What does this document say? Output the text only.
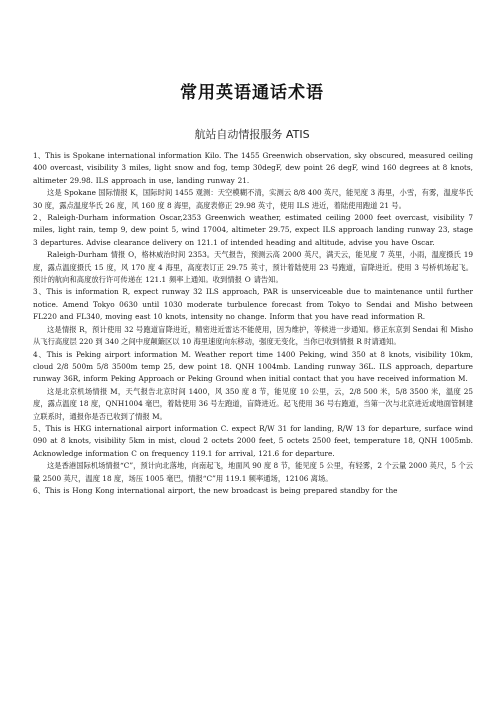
常用英语通话术语
航站自动情报服务 ATIS

1、This is Spokane international information Kilo. The 1455 Greenwich observation, sky obscured, measured ceiling 400 overcast, visibility 3 miles, light snow and fog, temp 30degF, dew point 26 degF, wind 160 degrees at 8 knots, altimeter 29.98. ILS approach in use, landing runway 21.

这是 Spokane 国际情报 K，国际时间 1455 观测：天空模糊不清，实测云 8/8 400 英尺，能见度 3 海里，小雪，有雾，温度华氏 30 度，露点温度华氏 26 度，风 160 度 8 海里，高度表修正 29.98 英寸，使用 ILS 进近，着陆使用跑道 21 号。

2、Raleigh-Durham information Oscar,2353 Greenwich weather, estimated ceiling 2000 feet overcast, visibility 7 miles, light rain, temp 9, dew point 5, wind 17004, altimeter 29.75, expect ILS approach landing runway 23, stage 3 departures. Advise clearance delivery on 121.1 of intended heading and altitude, advise you have Oscar.

Raleigh-Durham 情报 O，格林威治时间 2353。天气报告，预测云高 2000 英尺，满天云，能见度 7 英里，小雨，温度摄氏 19 度，露点温度摄氏 15 度，风 170 度 4 海里，高度表订正 29.75 英寸，预计着陆使用 23 号跑道，盲降进近。使用 3 号桥机场起飞。预计的航向和高度放行许可传递在 121.1 频率上通知。收到情报 O 请告知。

3、This is information R, expect runway 32 ILS approach, PAR is unserviceable due to maintenance until further notice. Amend Tokyo 0630 until 1030 moderate turbulence forecast from Tokyo to Sendai and Misho between FL220 and FL340, moving east 10 knots, intensity no change. Inform that you have read information R.

这是情报 R，预计使用 32 号跑道盲降进近，精密进近雷达不能使用，因为维护，等候进一步通知。修正东京到 Sendai 和 Misho 从飞行高度层 220 到 340 之间中度颠簸区以 10 海里速度向东移动，强度无变化，当你已收到情报 R 时请通知。

4、This is Peking airport information M. Weather report time 1400 Peking, wind 350 at 8 knots, visibility 10km, cloud 2/8 500m 5/8 3500m temp 25, dew point 18. QNH 1004mb. Landing runway 36L. ILS approach, departure runway 36R, inform Peking Approach or Peking Ground when initial contact that you have received information M.

这是北京机场情报 M，天气报告北京时间 1400，风 350 度 8 节，能见度 10 公里，云，2/8 500 米，5/8 3500 米，温度 25 度，露点温度 18 度，QNH1004 毫巴，着陆使用 36 号左跑道，盲降进近。起飞使用 36 号右跑道，当第一次与北京进近或地面管制建立联系时，通报你是否已收到了情报 M。

5、This is HKG international airport information C. expect R/W 31 for landing, R/W 13 for departure, surface wind 090 at 8 knots, visibility 5km in mist, cloud 2 octets 2000 feet, 5 octets 2500 feet, temperature 18, QNH 1005mb. Acknowledge information C on frequency 119.1 for arrival, 121.6 for departure.

这是香港国际机场情报“C”，预计向北落地，向南起飞，地面风 90 度 8 节，能见度 5 公里，有轻雾，2 个云量 2000 英尺，5 个云量 2500 英尺，温度 18 度，场压 1005 毫巴，情报“C”用 119.1 频率通场，12106 离场。

6、This is Hong Kong international airport, the new broadcast is being prepared standby for the
